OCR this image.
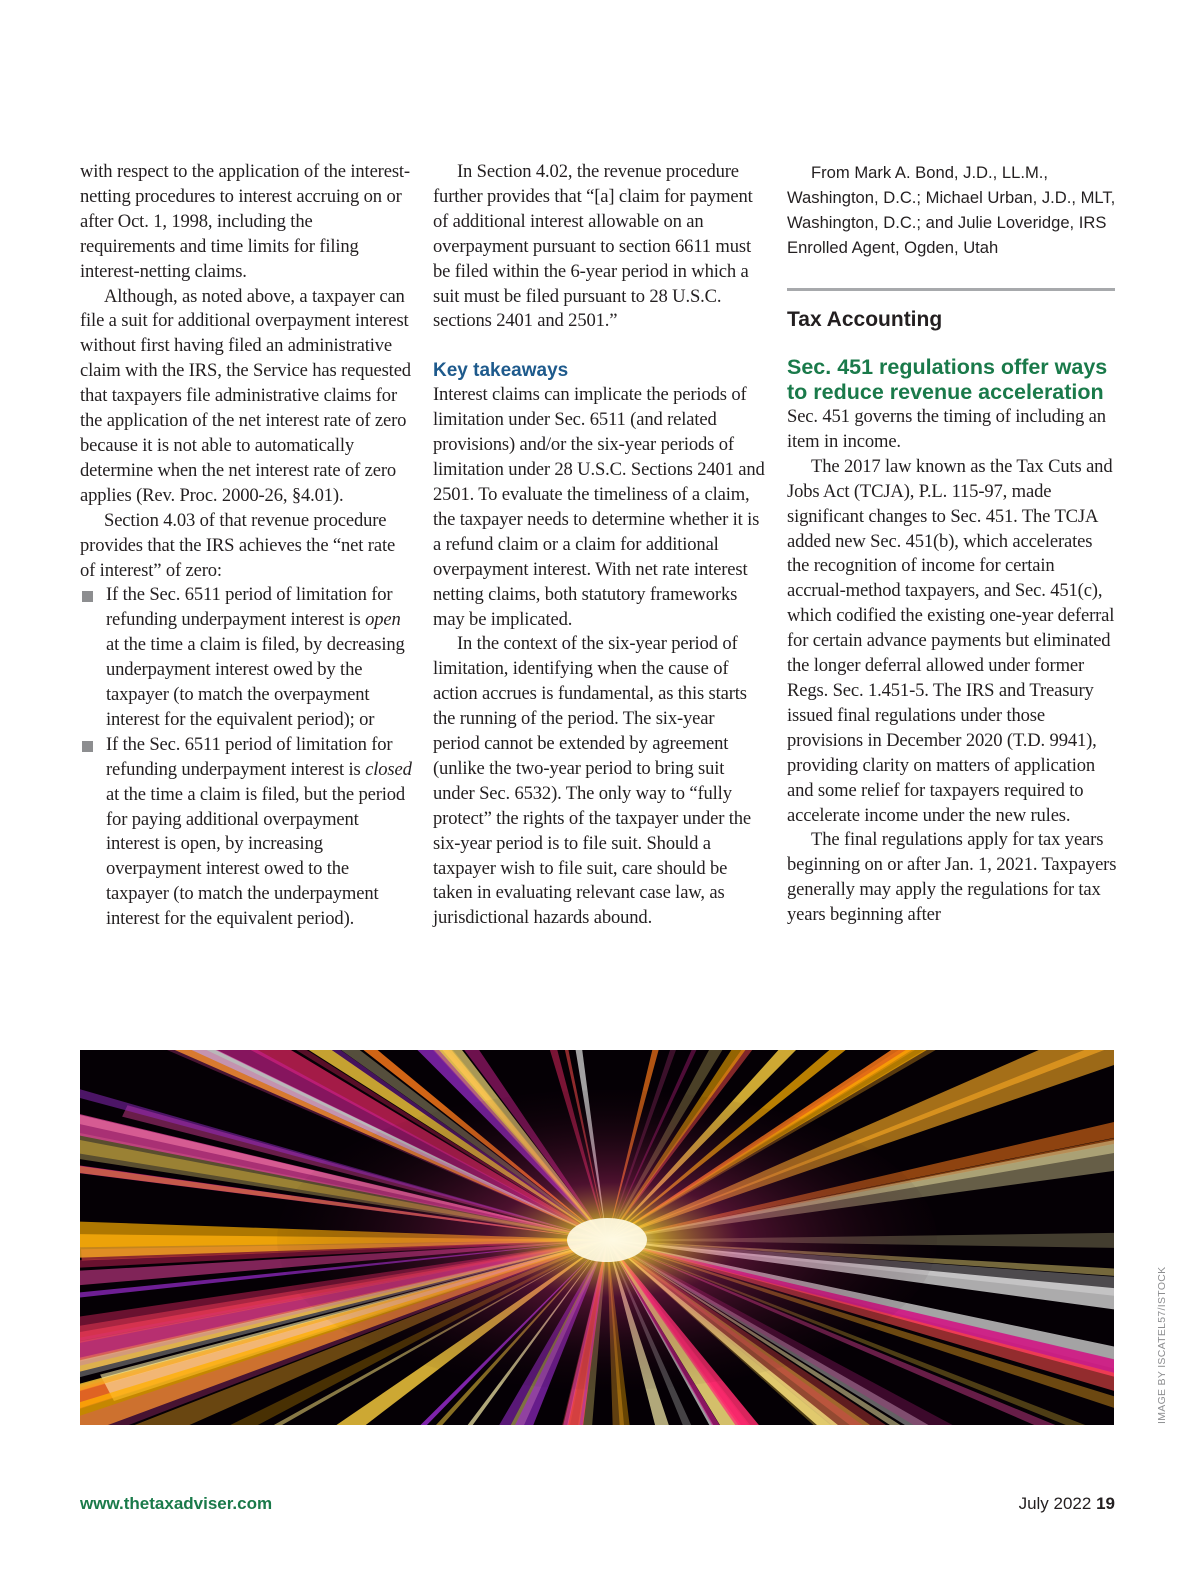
with respect to the application of the interest-netting procedures to interest accruing on or after Oct. 1, 1998, including the requirements and time limits for filing interest-netting claims.

Although, as noted above, a taxpayer can file a suit for additional overpayment interest without first having filed an administrative claim with the IRS, the Service has requested that taxpayers file administrative claims for the application of the net interest rate of zero because it is not able to automatically determine when the net interest rate of zero applies (Rev. Proc. 2000-26, §4.01).

Section 4.03 of that revenue procedure provides that the IRS achieves the “net rate of interest” of zero:

If the Sec. 6511 period of limitation for refunding underpayment interest is open at the time a claim is filed, by decreasing underpayment interest owed by the taxpayer (to match the overpayment interest for the equivalent period); or
If the Sec. 6511 period of limitation for refunding underpayment interest is closed at the time a claim is filed, but the period for paying additional overpayment interest is open, by increasing overpayment interest owed to the taxpayer (to match the underpayment interest for the equivalent period).

In Section 4.02, the revenue procedure further provides that “[a] claim for payment of additional interest allowable on an overpayment pursuant to section 6611 must be filed within the 6-year period in which a suit must be filed pursuant to 28 U.S.C. sections 2401 and 2501.”

Key takeaways

Interest claims can implicate the periods of limitation under Sec. 6511 (and related provisions) and/or the six-year periods of limitation under 28 U.S.C. Sections 2401 and 2501. To evaluate the timeliness of a claim, the taxpayer needs to determine whether it is a refund claim or a claim for additional overpayment interest. With net rate interest netting claims, both statutory frameworks may be implicated.

In the context of the six-year period of limitation, identifying when the cause of action accrues is fundamental, as this starts the running of the period. The six-year period cannot be extended by agreement (unlike the two-year period to bring suit under Sec. 6532). The only way to “fully protect” the rights of the taxpayer under the six-year period is to file suit. Should a taxpayer wish to file suit, care should be taken in evaluating relevant case law, as jurisdictional hazards abound.

From Mark A. Bond, J.D., LL.M., Washington, D.C.; Michael Urban, J.D., MLT, Washington, D.C.; and Julie Loveridge, IRS Enrolled Agent, Ogden, Utah

Tax Accounting
Sec. 451 regulations offer ways to reduce revenue acceleration

Sec. 451 governs the timing of including an item in income.

The 2017 law known as the Tax Cuts and Jobs Act (TCJA), P.L. 115-97, made significant changes to Sec. 451. The TCJA added new Sec. 451(b), which accelerates the recognition of income for certain accrual-method taxpayers, and Sec. 451(c), which codified the existing one-year deferral for certain advance payments but eliminated the longer deferral allowed under former Regs. Sec. 1.451-5. The IRS and Treasury issued final regulations under those provisions in December 2020 (T.D. 9941), providing clarity on matters of application and some relief for taxpayers required to accelerate income under the new rules.

The final regulations apply for tax years beginning on or after Jan. 1, 2021. Taxpayers generally may apply the regulations for tax years beginning after

IMAGE BY ISCATEL57/ISTOCK
www.thetaxadviser.com	July 2022 19
